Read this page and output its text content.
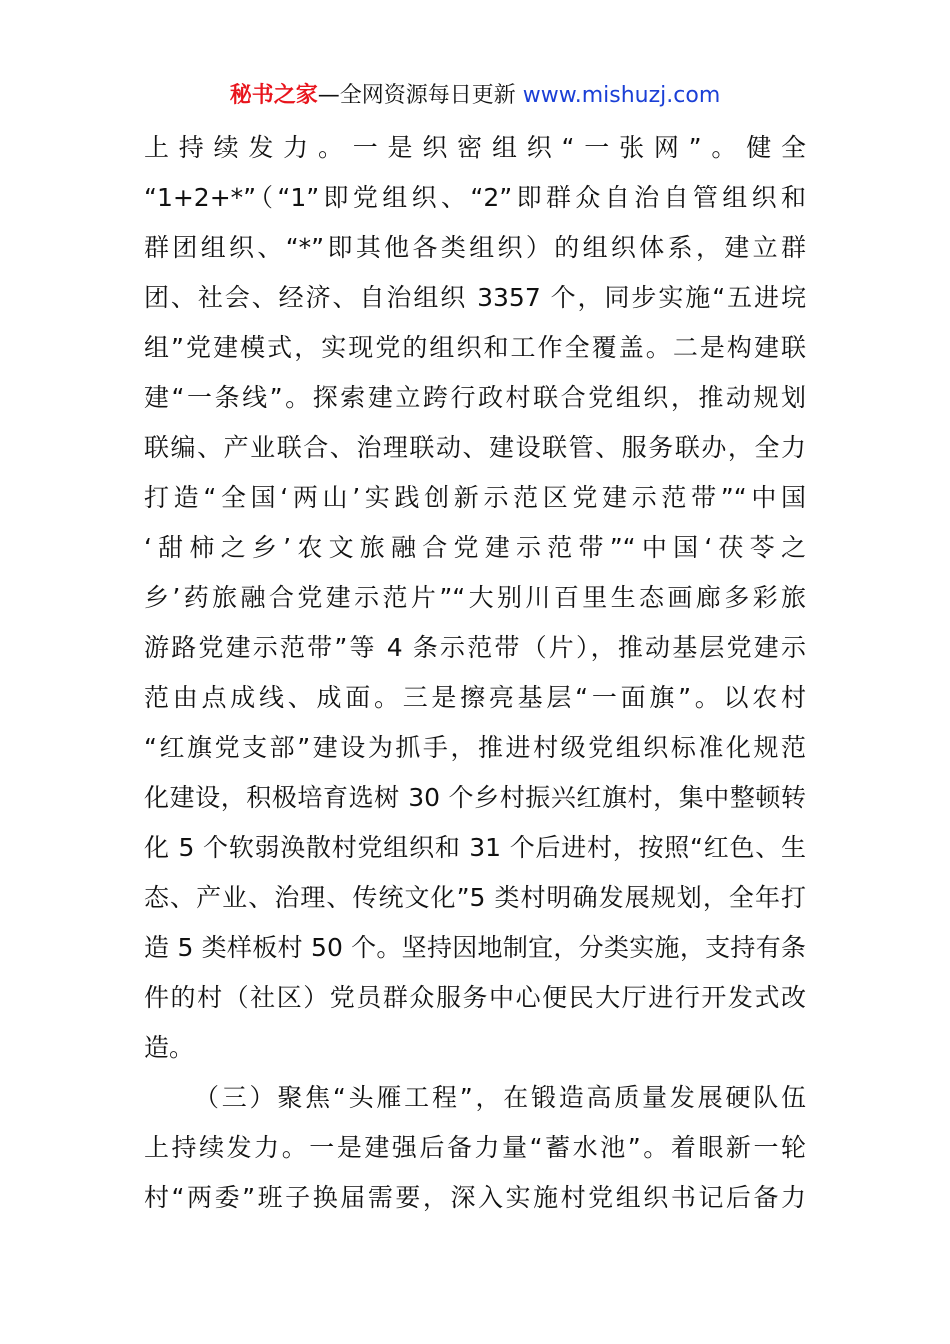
秘书之家—全网资源每日更新 www.mishuzj.com
上持续发力。一是织密组织“一张网”。健全
“1+2+*”（“1”即党组织、“2”即群众自治自管组织和
群团组织、“*”即其他各类组织）的组织体系，建立群
团、社会、经济、自治组织 3357 个，同步实施“五进垸
组”党建模式，实现党的组织和工作全覆盖。二是构建联
建“一条线”。探索建立跨行政村联合党组织，推动规划
联编、产业联合、治理联动、建设联管、服务联办，全力
打造“全国‘两山’实践创新示范区党建示范带”“中国
‘甜柿之乡’农文旅融合党建示范带”“中国‘茯苓之
乡’药旅融合党建示范片”“大别川百里生态画廊多彩旅
游路党建示范带”等 4 条示范带（片），推动基层党建示
范由点成线、成面。三是擦亮基层“一面旗”。以农村
“红旗党支部”建设为抓手，推进村级党组织标准化规范
化建设，积极培育选树 30 个乡村振兴红旗村，集中整顿转
化 5 个软弱涣散村党组织和 31 个后进村，按照“红色、生
态、产业、治理、传统文化”5 类村明确发展规划，全年打
造 5 类样板村 50 个。坚持因地制宜，分类实施，支持有条
件的村（社区）党员群众服务中心便民大厅进行开发式改
造。
（三）聚焦“头雁工程”，在锻造高质量发展硬队伍
上持续发力。一是建强后备力量“蓄水池”。着眼新一轮
村“两委”班子换届需要，深入实施村党组织书记后备力
